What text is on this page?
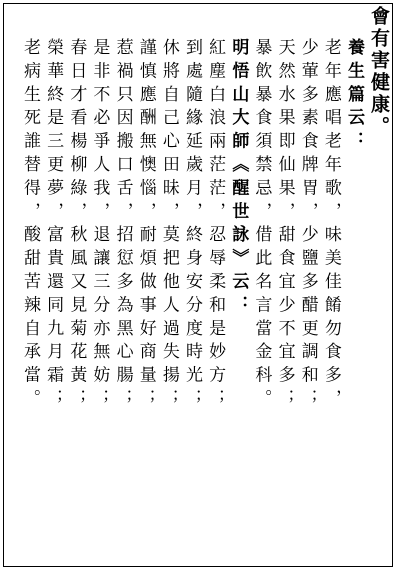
會有害健康。
養生篇云：
老年應唱老年歌，味美佳餚勿食多，
少葷多素食牌胃，少鹽多醋更調和；
天然水果即仙果，甜食宜少不宜多；
暴飲暴食須禁忌，借此名言當金科。
明悟山大師《醒世詠》云：
紅塵白浪兩茫茫，忍辱柔和是妙方；
到處隨緣延歲月，終身安分度時光；
休將自己心田昧，莫把他人過失揚；
謹慎應酬無懊惱，耐煩做事好商量；
惹禍只因搬口舌，招愆多為黑心腸；
是非不必爭人我，退讓三分亦無妨；
春日才看楊柳綠，秋風又見菊花黃；
榮華終是三更夢，富貴還同九月霜；
老病生死誰替得，酸甜苦辣自承當。
